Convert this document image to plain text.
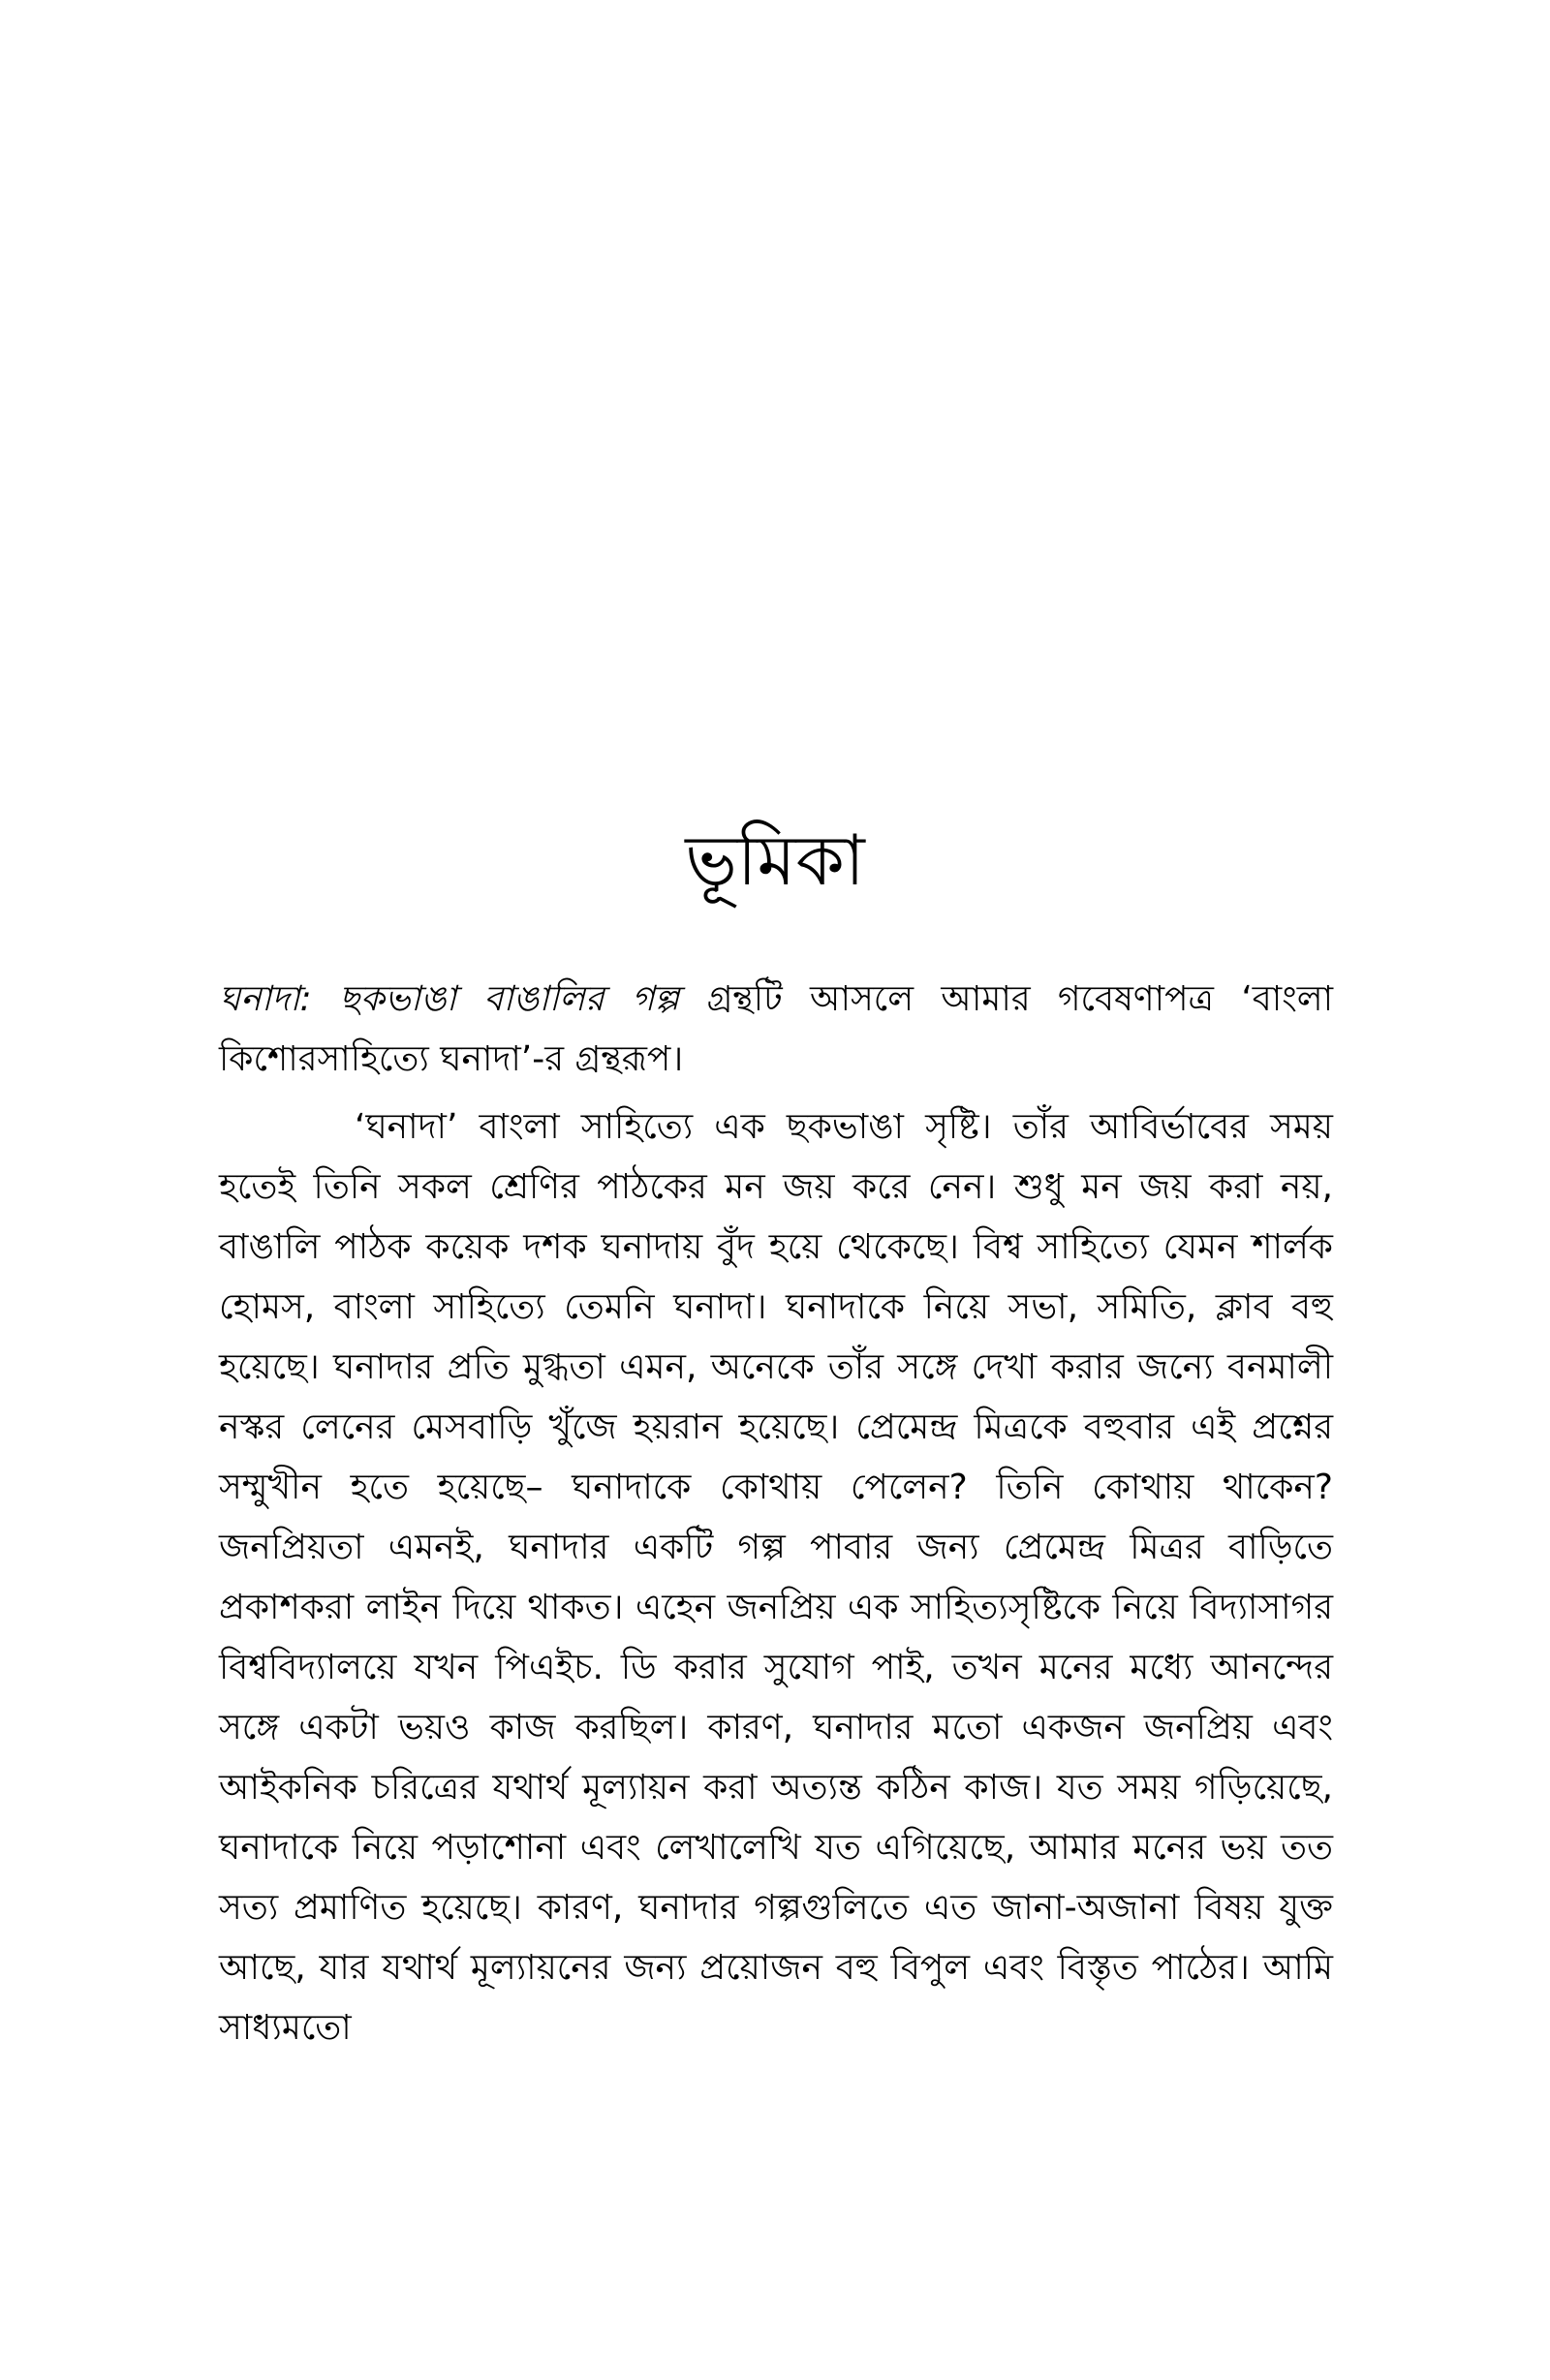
ভূমিকা

ঘনাদা: ছকভাঙা বাঙালির গল্প গ্রন্থটি আসলে আমার গবেষণাপত্র ‘বাংলা কিশোরসাহিত্যে ঘনাদা’-র গ্রন্থরূপ।

‘ঘনাদা’ বাংলা সাহিত্যে এক ছকভাঙা সৃষ্টি। তাঁর আবির্ভাবের সময় হতেই তিনি সকল শ্রেণির পাঠকের মন জয় করে নেন। শুধু মন জয় করা নয়, বাঙালি পাঠক কয়েক দশক ঘনাদায় বুঁদ হয়ে থেকেছে। বিশ্ব সাহিত্যে যেমন শার্লক হোমস, বাংলা সাহিত্যে তেমনি ঘনাদা। ঘনাদাকে নিয়ে সভা, সমিতি, ক্লাব বহু হয়েছে। ঘনাদার প্রতি মুগ্ধতা এমন, অনেকে তাঁর সঙ্গে দেখা করার জন্যে বনমালী নস্কর লেনের মেসবাড়ি খুঁজে হয়রান হয়েছে। প্রেমেন্দ্র মিত্রকে বহুবার এই প্রশ্নের সম্মুখীন হতে হয়েছে– ঘনাদাকে কোথায় পেলেন? তিনি কোথায় থাকেন? জনপ্রিয়তা এমনই, ঘনাদার একটি গল্প পাবার জন্য প্রেমেন্দ্র মিত্রর বাড়িতে প্রকাশকরা লাইন দিয়ে থাকত। এহেন জনপ্রিয় এক সাহিত্যসৃষ্টিকে নিয়ে বিদ্যাসাগর বিশ্ববিদ্যালয়ে যখন পিএইচ. ডি করার সুযোগ পাই, তখন মনের মধ্যে আনন্দের সঙ্গে একটা ভয়ও কাজ করছিল। কারণ, ঘনাদার মতো একজন জনপ্রিয় এবং আইকনিক চরিত্রের যথার্থ মূল্যায়ন করা অত্যন্ত কঠিন কাজ। যত সময় গড়িয়েছে, ঘনাদাকে নিয়ে পড়াশোনা এবং লেখালেখি যত এগিয়েছে, আমার মনের ভয় তত সত্য প্রমাণিত হয়েছে। কারণ, ঘনাদার গল্পগুলিতে এত জানা-অজানা বিষয় যুক্ত আছে, যার যথার্থ মূল্যায়নের জন্য প্রয়োজন বহু বিপুল এবং বিস্তৃত পাঠের। আমি সাধ্যমতো
